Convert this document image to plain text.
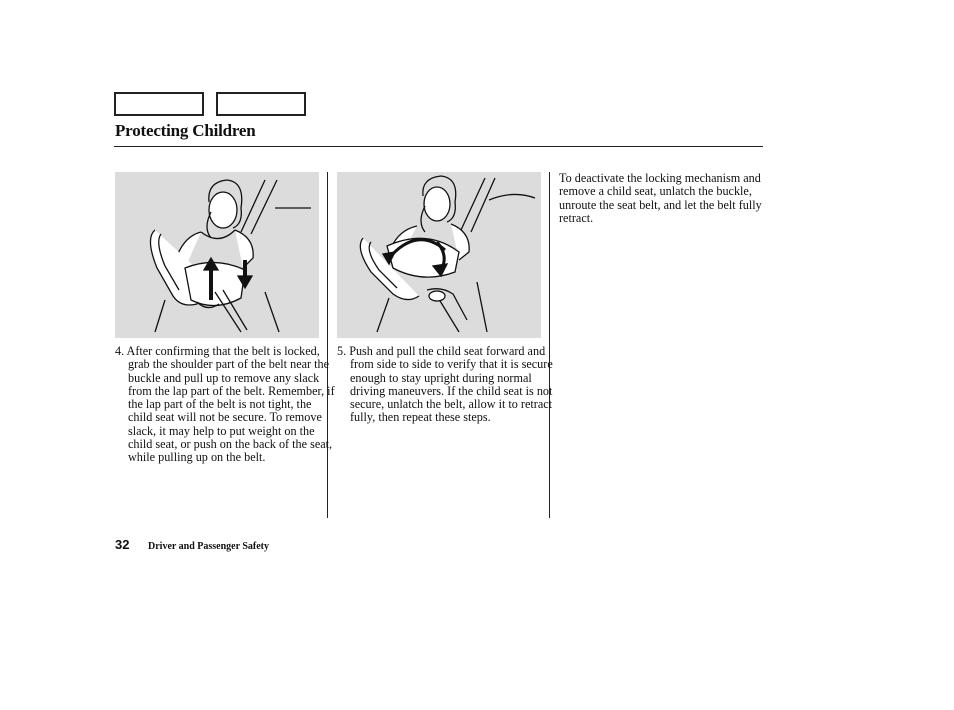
Protecting Children

4. After confirming that the belt is locked, grab the shoulder part of the belt near the buckle and pull up to remove any slack from the lap part of the belt. Remember, if the lap part of the belt is not tight, the child seat will not be secure. To remove slack, it may help to put weight on the child seat, or push on the back of the seat, while pulling up on the belt.

5. Push and pull the child seat forward and from side to side to verify that it is secure enough to stay upright during normal driving maneuvers. If the child seat is not secure, unlatch the belt, allow it to retract fully, then repeat these steps.

To deactivate the locking mechanism and remove a child seat, unlatch the buckle, unroute the seat belt, and let the belt fully retract.

32 Driver and Passenger Safety
